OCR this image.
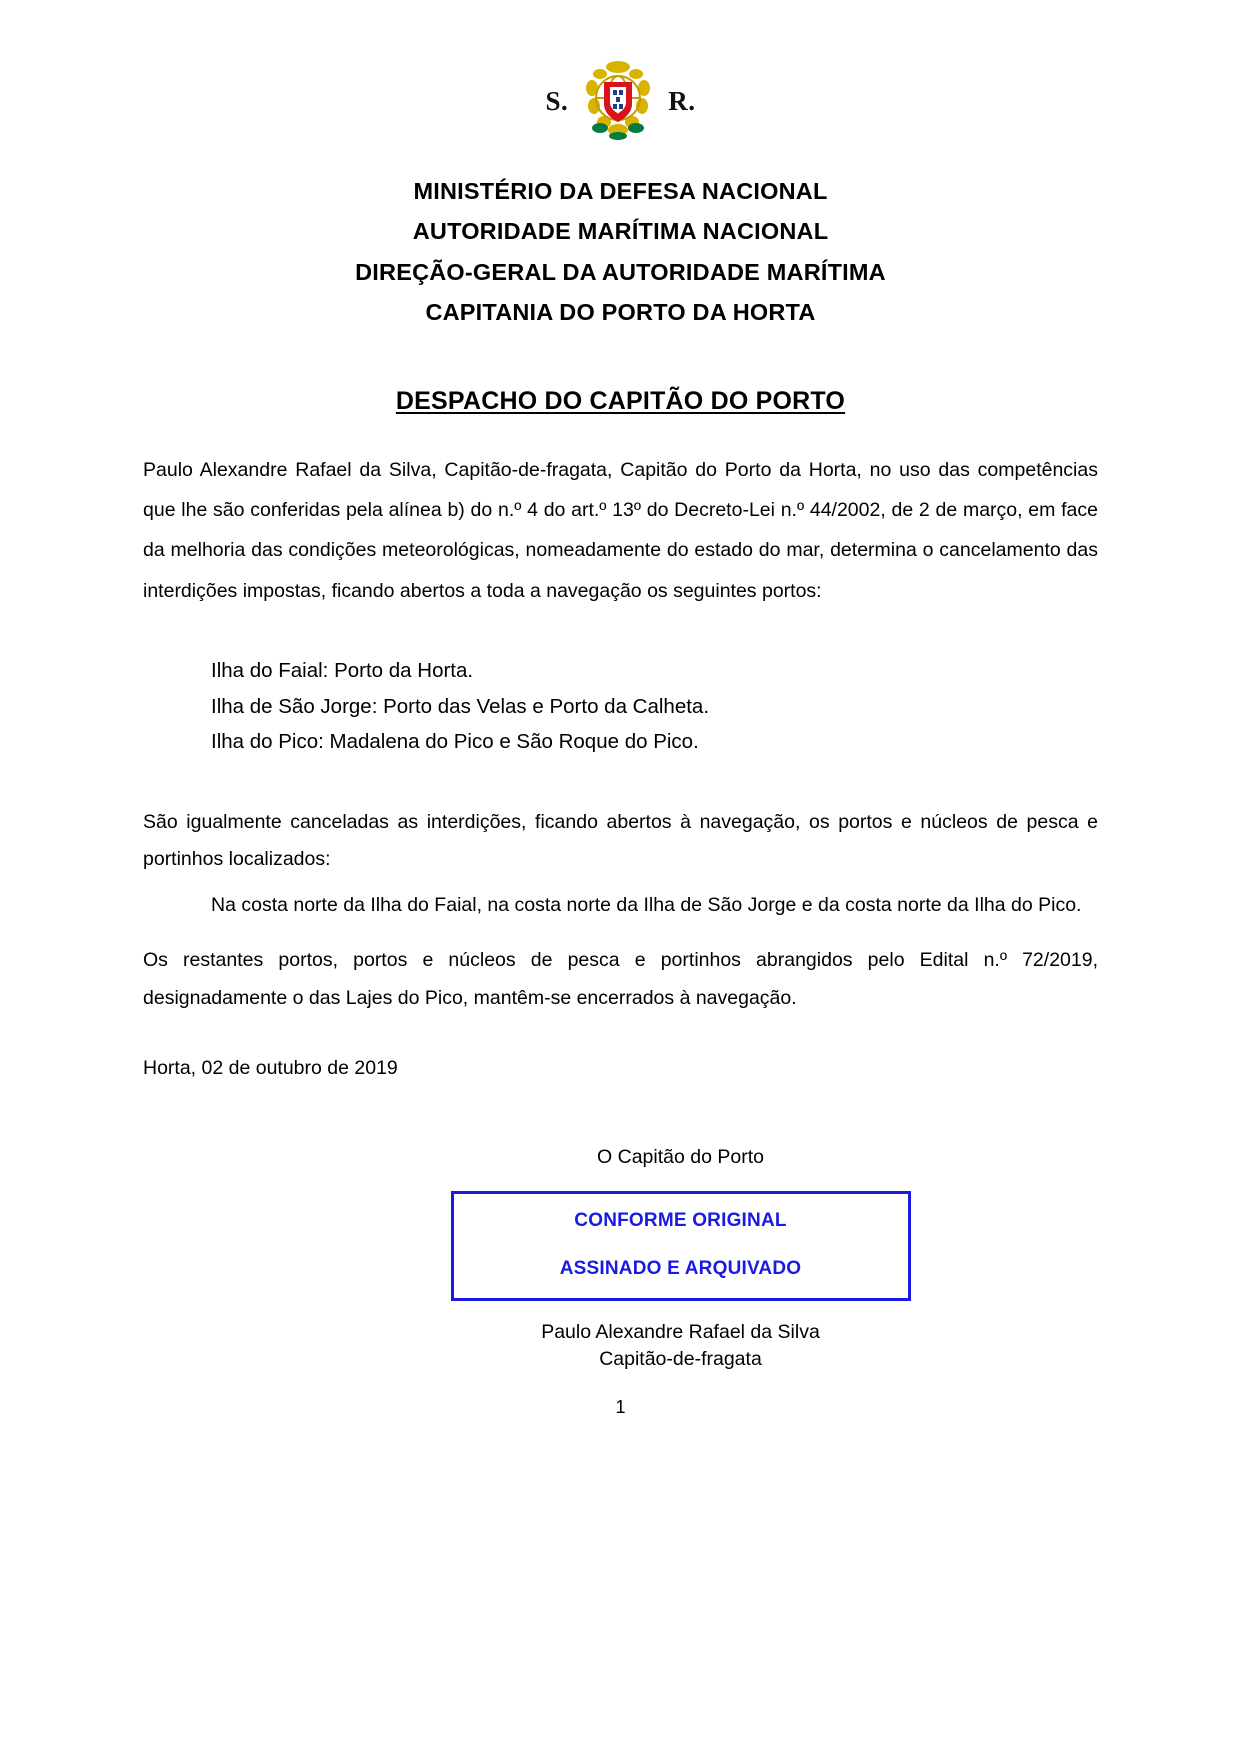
S.	R.
MINISTÉRIO DA DEFESA NACIONAL
AUTORIDADE MARÍTIMA NACIONAL
DIREÇÃO-GERAL DA AUTORIDADE MARÍTIMA
CAPITANIA DO PORTO DA HORTA
DESPACHO DO CAPITÃO DO PORTO

Paulo Alexandre Rafael da Silva, Capitão-de-fragata, Capitão do Porto da Horta, no uso das competências que lhe são conferidas pela alínea b) do n.º 4 do art.º 13º do Decreto-Lei n.º 44/2002, de 2 de março, em face da melhoria das condições meteorológicas, nomeadamente do estado do mar, determina o cancelamento das interdições impostas, ficando abertos a toda a navegação os seguintes portos:

Ilha do Faial: Porto da Horta.
Ilha de São Jorge: Porto das Velas e Porto da Calheta.
Ilha do Pico: Madalena do Pico e São Roque do Pico.

São igualmente canceladas as interdições, ficando abertos à navegação, os portos e núcleos de pesca e portinhos localizados:

Na costa norte da Ilha do Faial, na costa norte da Ilha de São Jorge e da costa norte da Ilha do Pico.

Os restantes portos, portos e núcleos de pesca e portinhos abrangidos pelo Edital n.º 72/2019, designadamente o das Lajes do Pico, mantêm-se encerrados à navegação.

Horta, 02 de outubro de 2019
O Capitão do Porto
CONFORME ORIGINAL
ASSINADO E ARQUIVADO
Paulo Alexandre Rafael da Silva
Capitão-de-fragata
1
